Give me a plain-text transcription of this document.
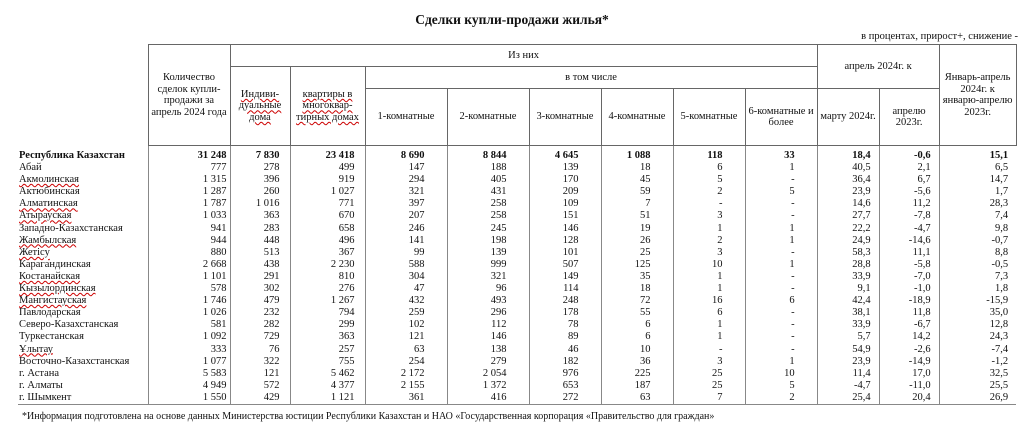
Сделки купли-продажи жилья*
в процентах, прирост+, снижение -
	Количество сделок купли-продажи за апрель 2024 года	Из них								апрель 2024г. к		Январь-апрель 2024г. к январю-апрелю 2023г.
		Индиви-дуальные дома	квартиры в многоквар-тирных домах	в том числе								
				1-комнатные	2-комнатные	3-комнатные	4-комнатные	5-комнатные	6-комнатные и более	марту 2024г.	апрелю 2023г.	
Республика Казахстан	31 248	7 830	23 418	8 690	8 844	4 645	1 088	118	33	18,4	-0,6	15,1
Абай	777	278	499	147	188	139	18	6	1	40,5	2,1	6,5
Акмолинская	1 315	396	919	294	405	170	45	5	-	36,4	6,7	14,7
Актюбинская	1 287	260	1 027	321	431	209	59	2	5	23,9	-5,6	1,7
Алматинская	1 787	1 016	771	397	258	109	7	-	-	14,6	11,2	28,3
Атырауская	1 033	363	670	207	258	151	51	3	-	27,7	-7,8	7,4
Западно-Казахстанская	941	283	658	246	245	146	19	1	1	22,2	-4,7	9,8
Жамбылская	944	448	496	141	198	128	26	2	1	24,9	-14,6	-0,7
Жетісу	880	513	367	99	139	101	25	3	-	58,3	11,1	8,8
Карагандинская	2 668	438	2 230	588	999	507	125	10	1	28,8	-5,8	-0,5
Костанайская	1 101	291	810	304	321	149	35	1	-	33,9	-7,0	7,3
Кызылординская	578	302	276	47	96	114	18	1	-	9,1	-1,0	1,8
Мангистауская	1 746	479	1 267	432	493	248	72	16	6	42,4	-18,9	-15,9
Павлодарская	1 026	232	794	259	296	178	55	6	-	38,1	11,8	35,0
Северо-Казахстанская	581	282	299	102	112	78	6	1	-	33,9	-6,7	12,8
Туркестанская	1 092	729	363	121	146	89	6	1	-	5,7	14,2	24,3
Ұлытау	333	76	257	63	138	46	10	-	-	54,9	-2,6	-7,4
Восточно-Казахстанская	1 077	322	755	254	279	182	36	3	1	23,9	-14,9	-1,2
г. Астана	5 583	121	5 462	2 172	2 054	976	225	25	10	11,4	17,0	32,5
г. Алматы	4 949	572	4 377	2 155	1 372	653	187	25	5	-4,7	-11,0	25,5
г. Шымкент	1 550	429	1 121	361	416	272	63	7	2	25,4	20,4	26,9
*Информация подготовлена на основе данных Министерства юстиции Республики Казахстан и НАО «Государственная корпорация «Правительство для граждан»
